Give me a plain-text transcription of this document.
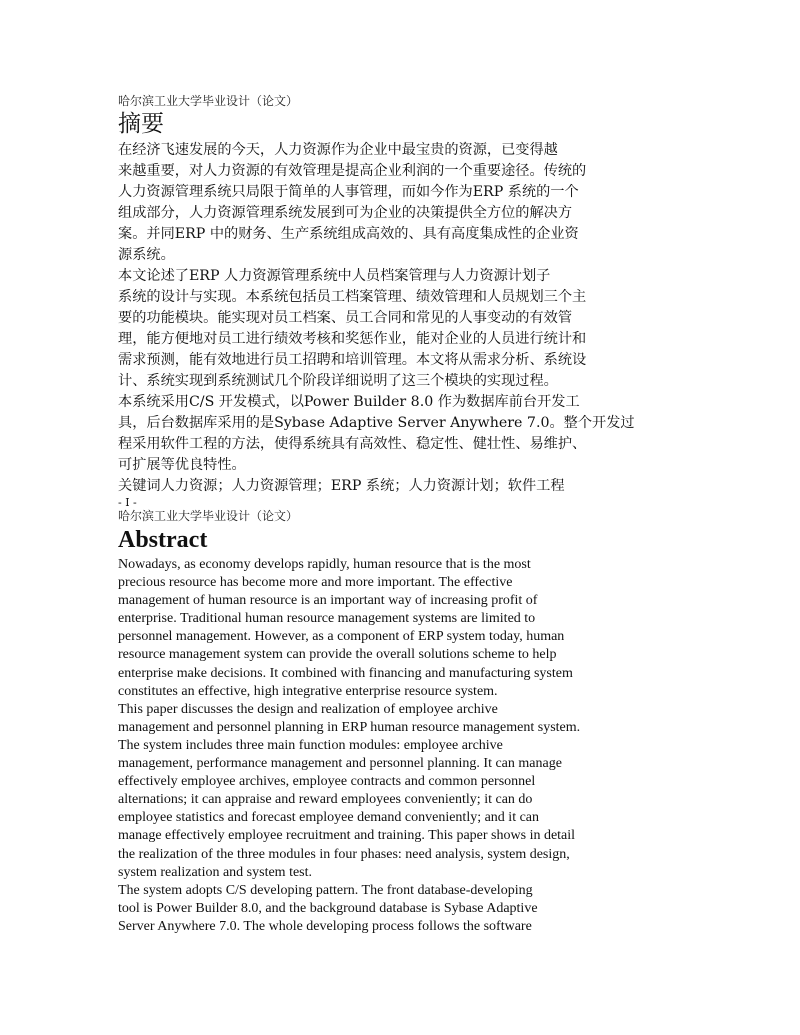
哈尔滨工业大学毕业设计（论文）
摘要
在经济飞速发展的今天，人力资源作为企业中最宝贵的资源，已变得越
来越重要，对人力资源的有效管理是提高企业利润的一个重要途径。传统的
人力资源管理系统只局限于简单的人事管理，而如今作为ERP 系统的一个
组成部分，人力资源管理系统发展到可为企业的决策提供全方位的解决方
案。并同ERP 中的财务、生产系统组成高效的、具有高度集成性的企业资
源系统。
本文论述了ERP 人力资源管理系统中人员档案管理与人力资源计划子
系统的设计与实现。本系统包括员工档案管理、绩效管理和人员规划三个主
要的功能模块。能实现对员工档案、员工合同和常见的人事变动的有效管
理，能方便地对员工进行绩效考核和奖惩作业，能对企业的人员进行统计和
需求预测，能有效地进行员工招聘和培训管理。本文将从需求分析、系统设
计、系统实现到系统测试几个阶段详细说明了这三个模块的实现过程。
本系统采用C/S 开发模式，以Power Builder 8.0 作为数据库前台开发工
具，后台数据库采用的是Sybase Adaptive Server Anywhere 7.0。整个开发过
程采用软件工程的方法，使得系统具有高效性、稳定性、健壮性、易维护、
可扩展等优良特性。
关键词人力资源；人力资源管理；ERP 系统；人力资源计划；软件工程
- I -
哈尔滨工业大学毕业设计（论文）
Abstract
Nowadays, as economy develops rapidly, human resource that is the most
precious resource has become more and more important. The effective
management of human resource is an important way of increasing profit of
enterprise. Traditional human resource management systems are limited to
personnel management. However, as a component of ERP system today, human
resource management system can provide the overall solutions scheme to help
enterprise make decisions. It combined with financing and manufacturing system
constitutes an effective, high integrative enterprise resource system.
This paper discusses the design and realization of employee archive
management and personnel planning in ERP human resource management system.
The system includes three main function modules: employee archive
management, performance management and personnel planning. It can manage
effectively employee archives, employee contracts and common personnel
alternations; it can appraise and reward employees conveniently; it can do
employee statistics and forecast employee demand conveniently; and it can
manage effectively employee recruitment and training. This paper shows in detail
the realization of the three modules in four phases: need analysis, system design,
system realization and system test.
The system adopts C/S developing pattern. The front database-developing
tool is Power Builder 8.0, and the background database is Sybase Adaptive
Server Anywhere 7.0. The whole developing process follows the software
